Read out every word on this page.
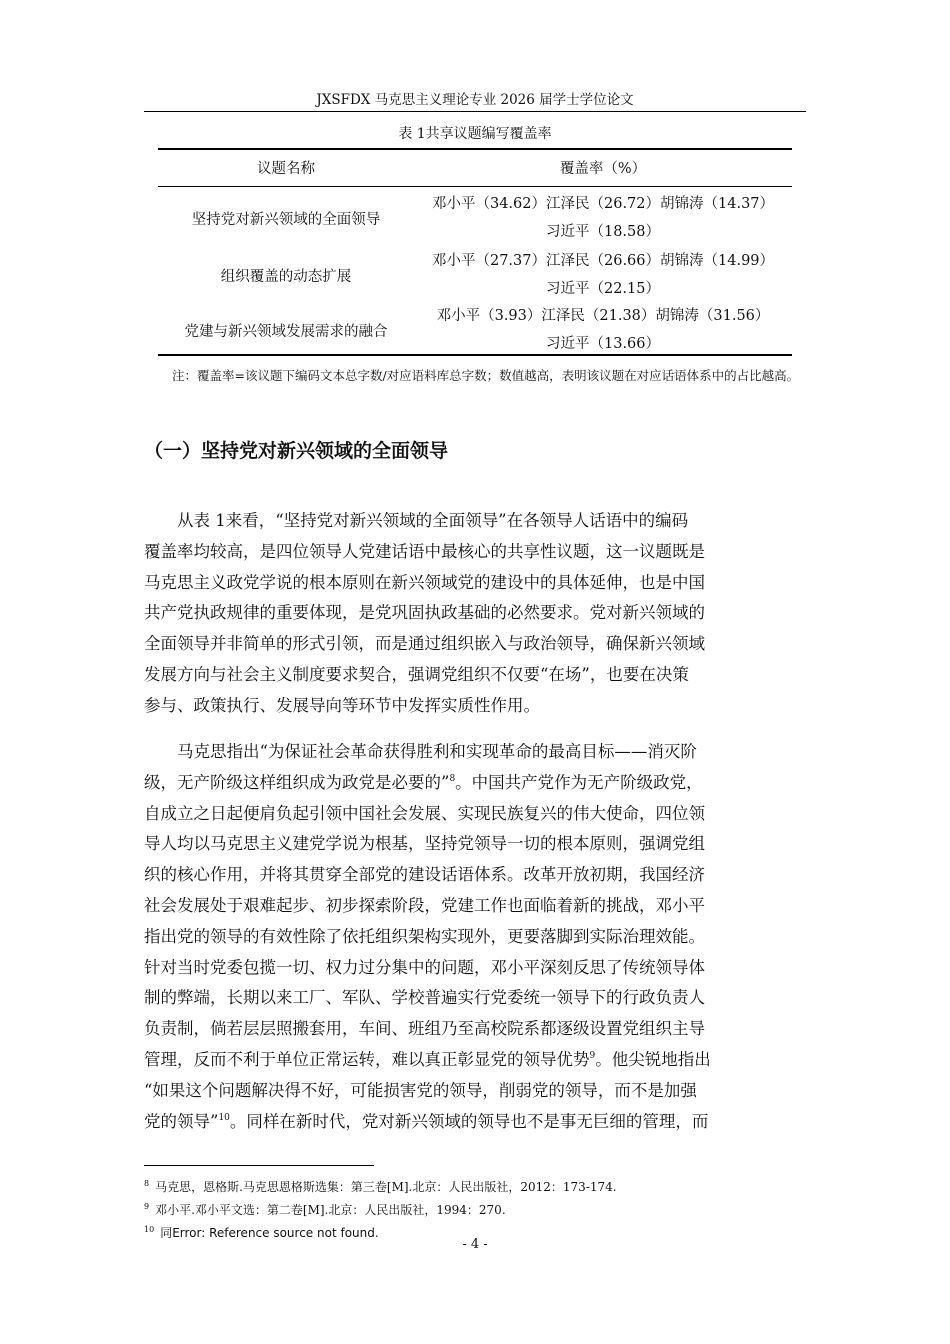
JXSFDX 马克思主义理论专业 2026 届学士学位论文
表 1共享议题编写覆盖率
议题名称	覆盖率（%）
坚持党对新兴领域的全面领导
邓小平（34.62）江泽民（26.72）胡锦涛（14.37）
习近平（18.58）
组织覆盖的动态扩展
邓小平（27.37）江泽民（26.66）胡锦涛（14.99）
习近平（22.15）
党建与新兴领域发展需求的融合
邓小平（3.93）江泽民（21.38）胡锦涛（31.56）
习近平（13.66）
注：覆盖率=该议题下编码文本总字数/对应语料库总字数；数值越高，表明该议题在对应话语体系中的占比越高。
（一）坚持党对新兴领域的全面领导
从表 1来看，“坚持党对新兴领域的全面领导”在各领导人话语中的编码
覆盖率均较高，是四位领导人党建话语中最核心的共享性议题，这一议题既是
马克思主义政党学说的根本原则在新兴领域党的建设中的具体延伸，也是中国
共产党执政规律的重要体现，是党巩固执政基础的必然要求。党对新兴领域的
全面领导并非简单的形式引领，而是通过组织嵌入与政治领导，确保新兴领域
发展方向与社会主义制度要求契合，强调党组织不仅要“在场”，也要在决策
参与、政策执行、发展导向等环节中发挥实质性作用。
马克思指出“为保证社会革命获得胜利和实现革命的最高目标——消灭阶
级，无产阶级这样组织成为政党是必要的”$^8$。中国共产党作为无产阶级政党，
自成立之日起便肩负起引领中国社会发展、实现民族复兴的伟大使命，四位领
导人均以马克思主义建党学说为根基，坚持党领导一切的根本原则，强调党组
织的核心作用，并将其贯穿全部党的建设话语体系。改革开放初期，我国经济
社会发展处于艰难起步、初步探索阶段，党建工作也面临着新的挑战，邓小平
指出党的领导的有效性除了依托组织架构实现外，更要落脚到实际治理效能。
针对当时党委包揽一切、权力过分集中的问题，邓小平深刻反思了传统领导体
制的弊端，长期以来工厂、军队、学校普遍实行党委统一领导下的行政负责人
负责制，倘若层层照搬套用，车间、班组乃至高校院系都逐级设置党组织主导
管理，反而不利于单位正常运转，难以真正彰显党的领导优势$^9$。他尖锐地指出
“如果这个问题解决得不好，可能损害党的领导，削弱党的领导，而不是加强
党的领导”$^{10}$。同样在新时代，党对新兴领域的领导也不是事无巨细的管理，而
$^8$ 马克思，恩格斯.马克思恩格斯选集：第三卷[M].北京：人民出版社，2012：173-174.
$^9$ 邓小平.邓小平文选：第二卷[M].北京：人民出版社，1994：270.
$^{10}$ 同Error: Reference source not found.
- 4 -
